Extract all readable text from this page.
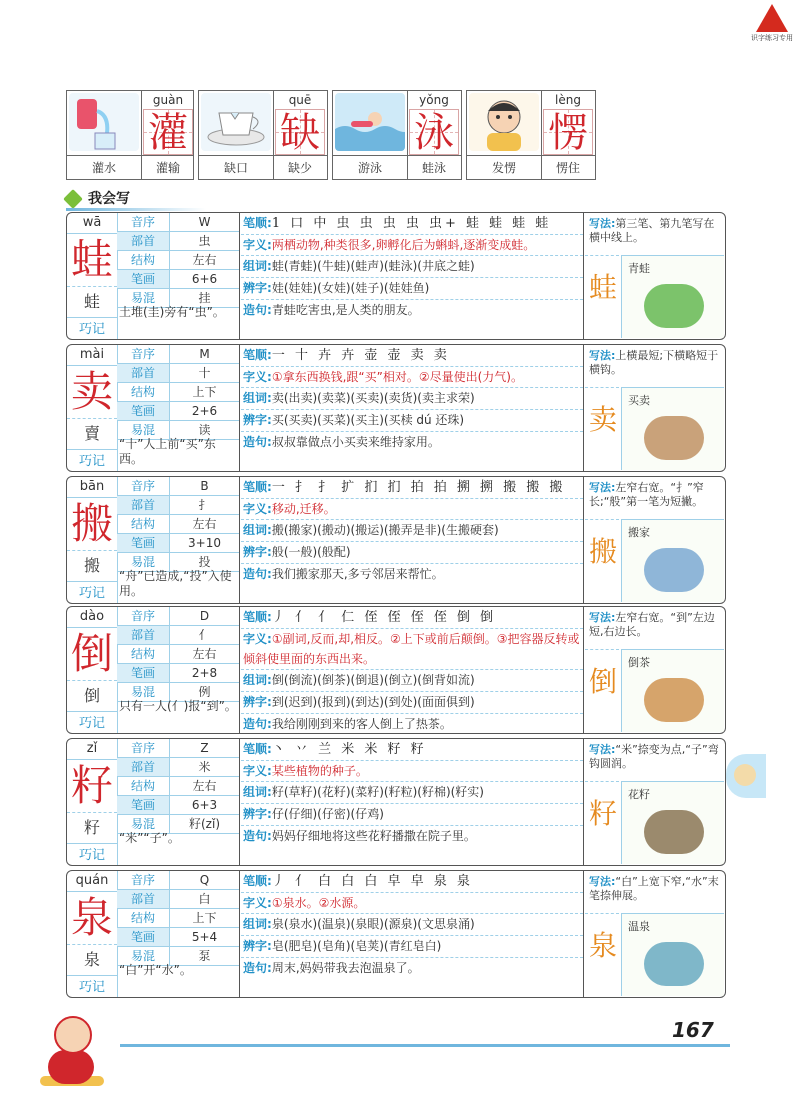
识字练习专用
guàn
灌
灌水	灌输
quē
缺
缺口	缺少
yǒng
泳
游泳	蛙泳
lèng
愣
发愣	愣住
我会写
wā
蛙
蛙
巧记
音序	W
部首	虫
结构	左右
笔画	6+6
易混	挂
土堆(圭)旁有“虫”。
笔顺:1 口 中 虫 虫 虫 虫 虫+ 蛙 蛙 蛙 蛙
字义:两栖动物,种类很多,卵孵化后为蝌蚪,逐渐变成蛙。
组词:蛙(青蛙)(牛蛙)(蛙声)(蛙泳)(井底之蛙)
辨字:娃(娃娃)(女娃)(娃子)(娃娃鱼)
造句:青蛙吃害虫,是人类的朋友。
写法:第三笔、第九笔写在横中线上。
蛙
青蛙
mài
卖
賣
巧记
音序	M
部首	十
结构	上下
笔画	2+6
易混	读
“十”人上前“买”东西。
笔顺:一 十 卉 卉 壶 壶 卖 卖
字义:①拿东西换钱,跟“买”相对。②尽量使出(力气)。
组词:卖(出卖)(卖菜)(买卖)(卖货)(卖主求荣)
辨字:买(买卖)(买菜)(买主)(买椟 dú 还珠)
造句:叔叔靠做点小买卖来维持家用。
写法:上横最短;下横略短于横钩。
卖
买卖
bān
搬
搬
巧记
音序	B
部首	扌
结构	左右
笔画	3+10
易混	投
“舟”已造成,“投”入使用。
笔顺:一 扌 扌 扩 扪 扪 拍 拍 搠 搠 搬 搬 搬
字义:移动,迁移。
组词:搬(搬家)(搬动)(搬运)(搬弄是非)(生搬硬套)
辨字:般(一般)(般配)
造句:我们搬家那天,多亏邻居来帮忙。
写法:左窄右宽。“扌”窄长;“般”第一笔为短撇。
搬
搬家
dào
倒
倒
巧记
音序	D
部首	亻
结构	左右
笔画	2+8
易混	例
只有一人(亻)报“到”。
笔顺:丿 亻 亻 仁 侄 侄 侄 侄 倒 倒
字义:①副词,反而,却,相反。②上下或前后颠倒。③把容器反转或倾斜使里面的东西出来。
组词:倒(倒流)(倒茶)(倒退)(倒立)(倒背如流)
辨字:到(迟到)(报到)(到达)(到处)(面面俱到)
造句:我给刚刚到来的客人倒上了热茶。
写法:左窄右宽。“到”左边短,右边长。
倒
倒茶
zǐ
籽
籽
巧记
音序	Z
部首	米
结构	左右
笔画	6+3
易混	籽(zǐ)
“米”“子”。
笔顺:丶 丷 兰 米 米 籽 籽
字义:某些植物的种子。
组词:籽(草籽)(花籽)(菜籽)(籽粒)(籽棉)(籽实)
辨字:仔(仔细)(仔密)(仔鸡)
造句:妈妈仔细地将这些花籽播撒在院子里。
写法:“米”捺变为点,“子”弯钩圆润。
籽
花籽
quán
泉
泉
巧记
音序	Q
部首	白
结构	上下
笔画	5+4
易混	泵
“白”开“水”。
笔顺:丿 亻 白 白 白 皁 皁 泉 泉
字义:①泉水。②水源。
组词:泉(泉水)(温泉)(泉眼)(源泉)(文思泉涌)
辨字:皂(肥皂)(皂角)(皂荚)(青红皂白)
造句:周末,妈妈带我去泡温泉了。
写法:“白”上宽下窄,“水”末笔捺伸展。
泉
温泉
167
